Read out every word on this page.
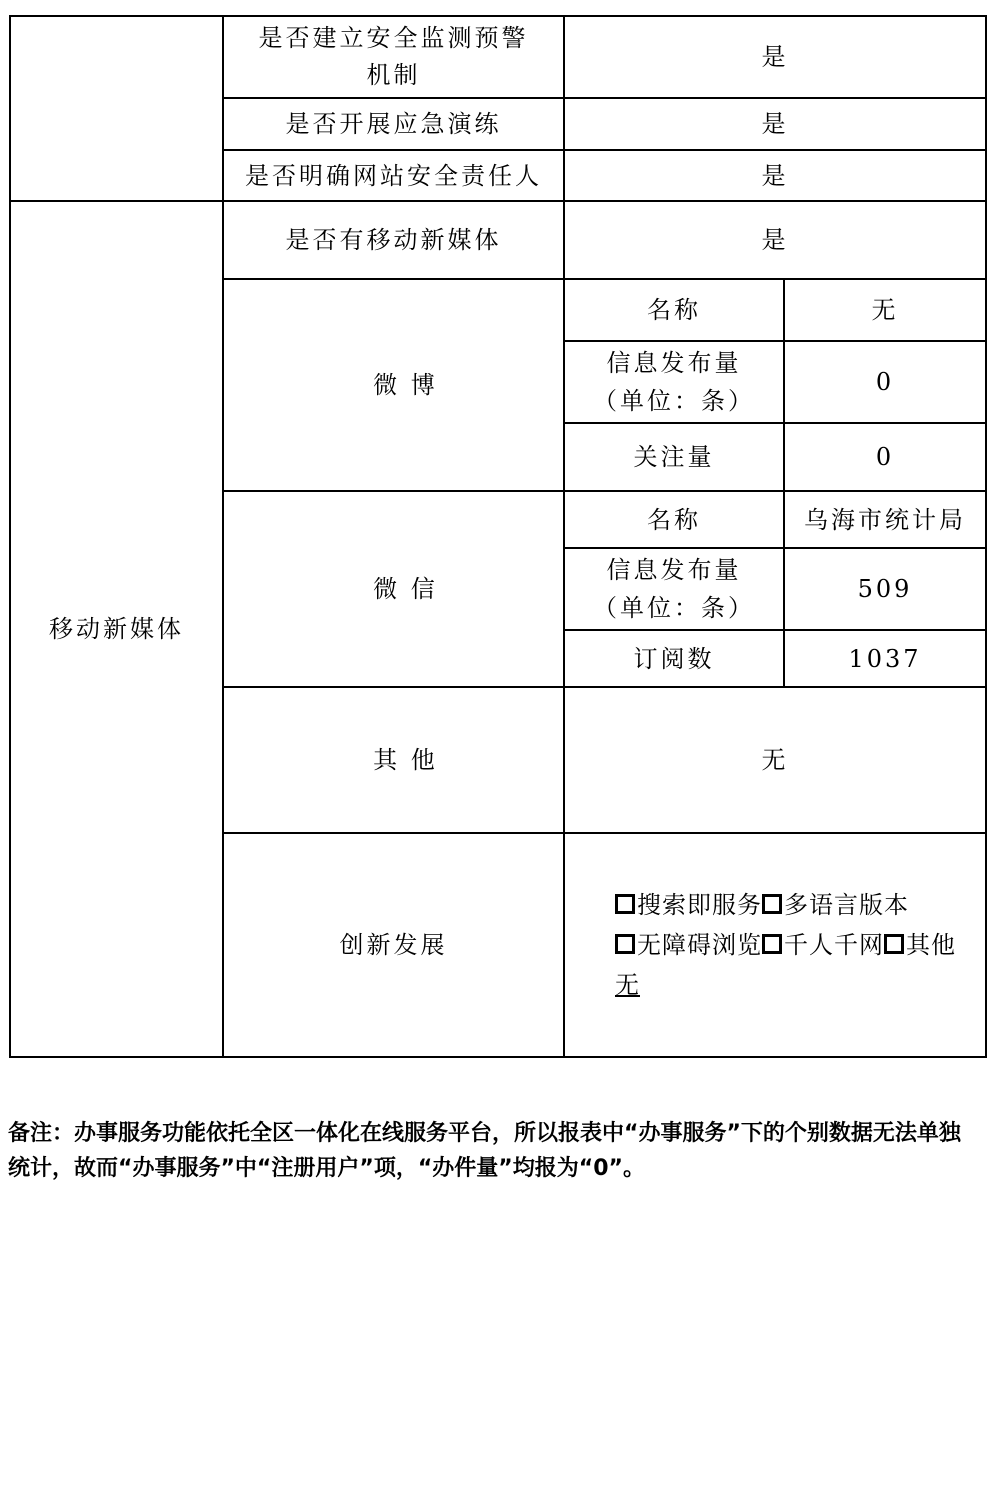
	是否建立安全监测预警机制	是	
	是否开展应急演练	是	
	是否明确网站安全责任人	是	
移动新媒体	是否有移动新媒体	是	
	微 博	名称	无

		信息发布量
（单位：条）	0
		关注量	0
	微 信	名称	乌海市统计局

		信息发布量
（单位：条）	509
		订阅数	1037
	其 他	无	
	创新发展	搜索即服务 多语言版本无障碍浏览 千人千网 其他
无	
备注：办事服务功能依托全区一体化在线服务平台，所以报表中“办事服务”下的个别数据无法单独统计，故而“办事服务”中“注册用户”项，“办件量”均报为“0”。
